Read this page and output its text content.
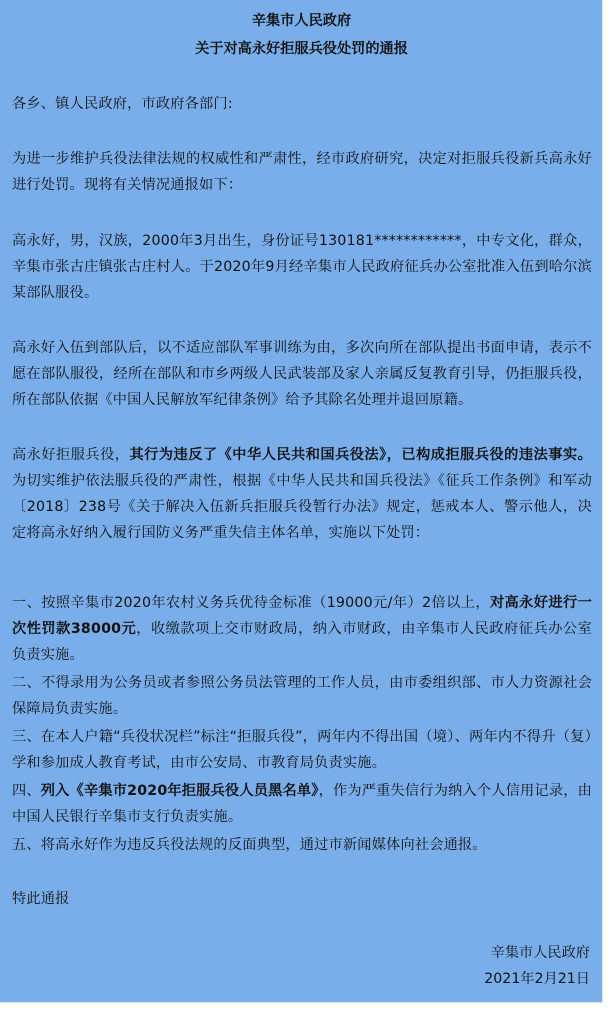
辛集市人民政府

关于对高永好拒服兵役处罚的通报

各乡、镇人民政府，市政府各部门:

为进一步维护兵役法律法规的权威性和严肃性，经市政府研究，决定对拒服兵役新兵高永好进行处罚。现将有关情况通报如下：

高永好，男，汉族，2000年3月出生，身份证号130181************，中专文化，群众，辛集市张古庄镇张古庄村人。于2020年9月经辛集市人民政府征兵办公室批准入伍到哈尔滨某部队服役。

高永好入伍到部队后，以不适应部队军事训练为由，多次向所在部队提出书面申请，表示不愿在部队服役，经所在部队和市乡两级人民武装部及家人亲属反复教育引导，仍拒服兵役，所在部队依据《中国人民解放军纪律条例》给予其除名处理并退回原籍。

高永好拒服兵役，其行为违反了《中华人民共和国兵役法》，已构成拒服兵役的违法事实。为切实维护依法服兵役的严肃性，根据《中华人民共和国兵役法》《征兵工作条例》和军动〔2018〕238号《关于解决入伍新兵拒服兵役暂行办法》规定，惩戒本人、警示他人，决定将高永好纳入履行国防义务严重失信主体名单，实施以下处罚：

一、按照辛集市2020年农村义务兵优待金标准（19000元/年）2倍以上，对高永好进行一次性罚款38000元，收缴款项上交市财政局，纳入市财政，由辛集市人民政府征兵办公室负责实施。

二、不得录用为公务员或者参照公务员法管理的工作人员，由市委组织部、市人力资源社会保障局负责实施。

三、在本人户籍“兵役状况栏”标注“拒服兵役”，两年内不得出国（境）、两年内不得升（复）学和参加成人教育考试，由市公安局、市教育局负责实施。

四、列入《辛集市2020年拒服兵役人员黑名单》，作为严重失信行为纳入个人信用记录，由中国人民银行辛集市支行负责实施。

五、将高永好作为违反兵役法规的反面典型，通过市新闻媒体向社会通报。

特此通报

辛集市人民政府

2021年2月21日
